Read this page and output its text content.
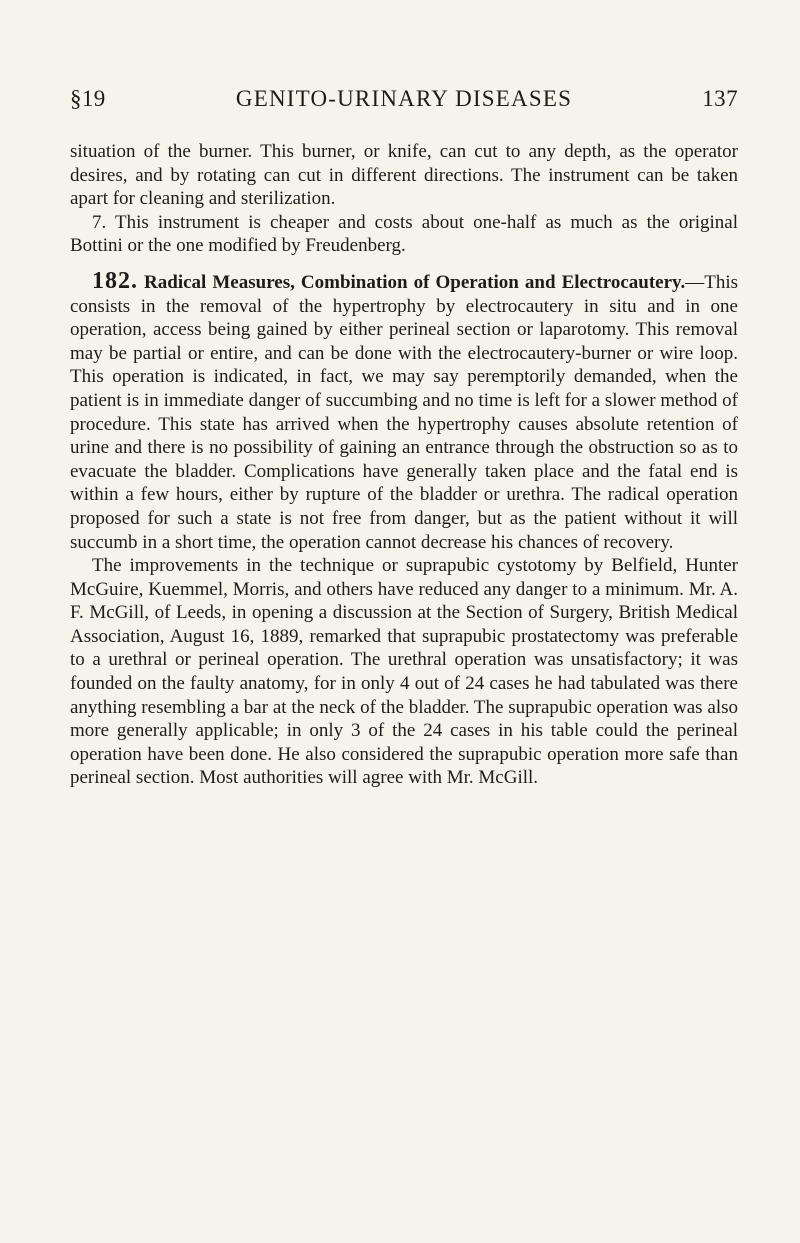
§19	GENITO-URINARY DISEASES	137

situation of the burner. This burner, or knife, can cut to any depth, as the operator desires, and by rotating can cut in different directions. The instrument can be taken apart for cleaning and sterilization.

7. This instrument is cheaper and costs about one-half as much as the original Bottini or the one modified by Freudenberg.

182. Radical Measures, Combination of Operation and Electrocautery.—This consists in the removal of the hypertrophy by electrocautery in situ and in one operation, access being gained by either perineal section or laparotomy. This removal may be partial or entire, and can be done with the electrocautery-burner or wire loop. This operation is indicated, in fact, we may say peremptorily demanded, when the patient is in immediate danger of succumbing and no time is left for a slower method of procedure. This state has arrived when the hypertrophy causes absolute retention of urine and there is no possibility of gaining an entrance through the obstruction so as to evacuate the bladder. Complications have generally taken place and the fatal end is within a few hours, either by rupture of the bladder or urethra. The radical operation proposed for such a state is not free from danger, but as the patient without it will succumb in a short time, the operation cannot decrease his chances of recovery.

The improvements in the technique or suprapubic cystotomy by Belfield, Hunter McGuire, Kuemmel, Morris, and others have reduced any danger to a minimum. Mr. A. F. McGill, of Leeds, in opening a discussion at the Section of Surgery, British Medical Association, August 16, 1889, remarked that suprapubic prostatectomy was preferable to a urethral or perineal operation. The urethral operation was unsatisfactory; it was founded on the faulty anatomy, for in only 4 out of 24 cases he had tabulated was there anything resembling a bar at the neck of the bladder. The suprapubic operation was also more generally applicable; in only 3 of the 24 cases in his table could the perineal operation have been done. He also considered the suprapubic operation more safe than perineal section. Most authorities will agree with Mr. McGill.
